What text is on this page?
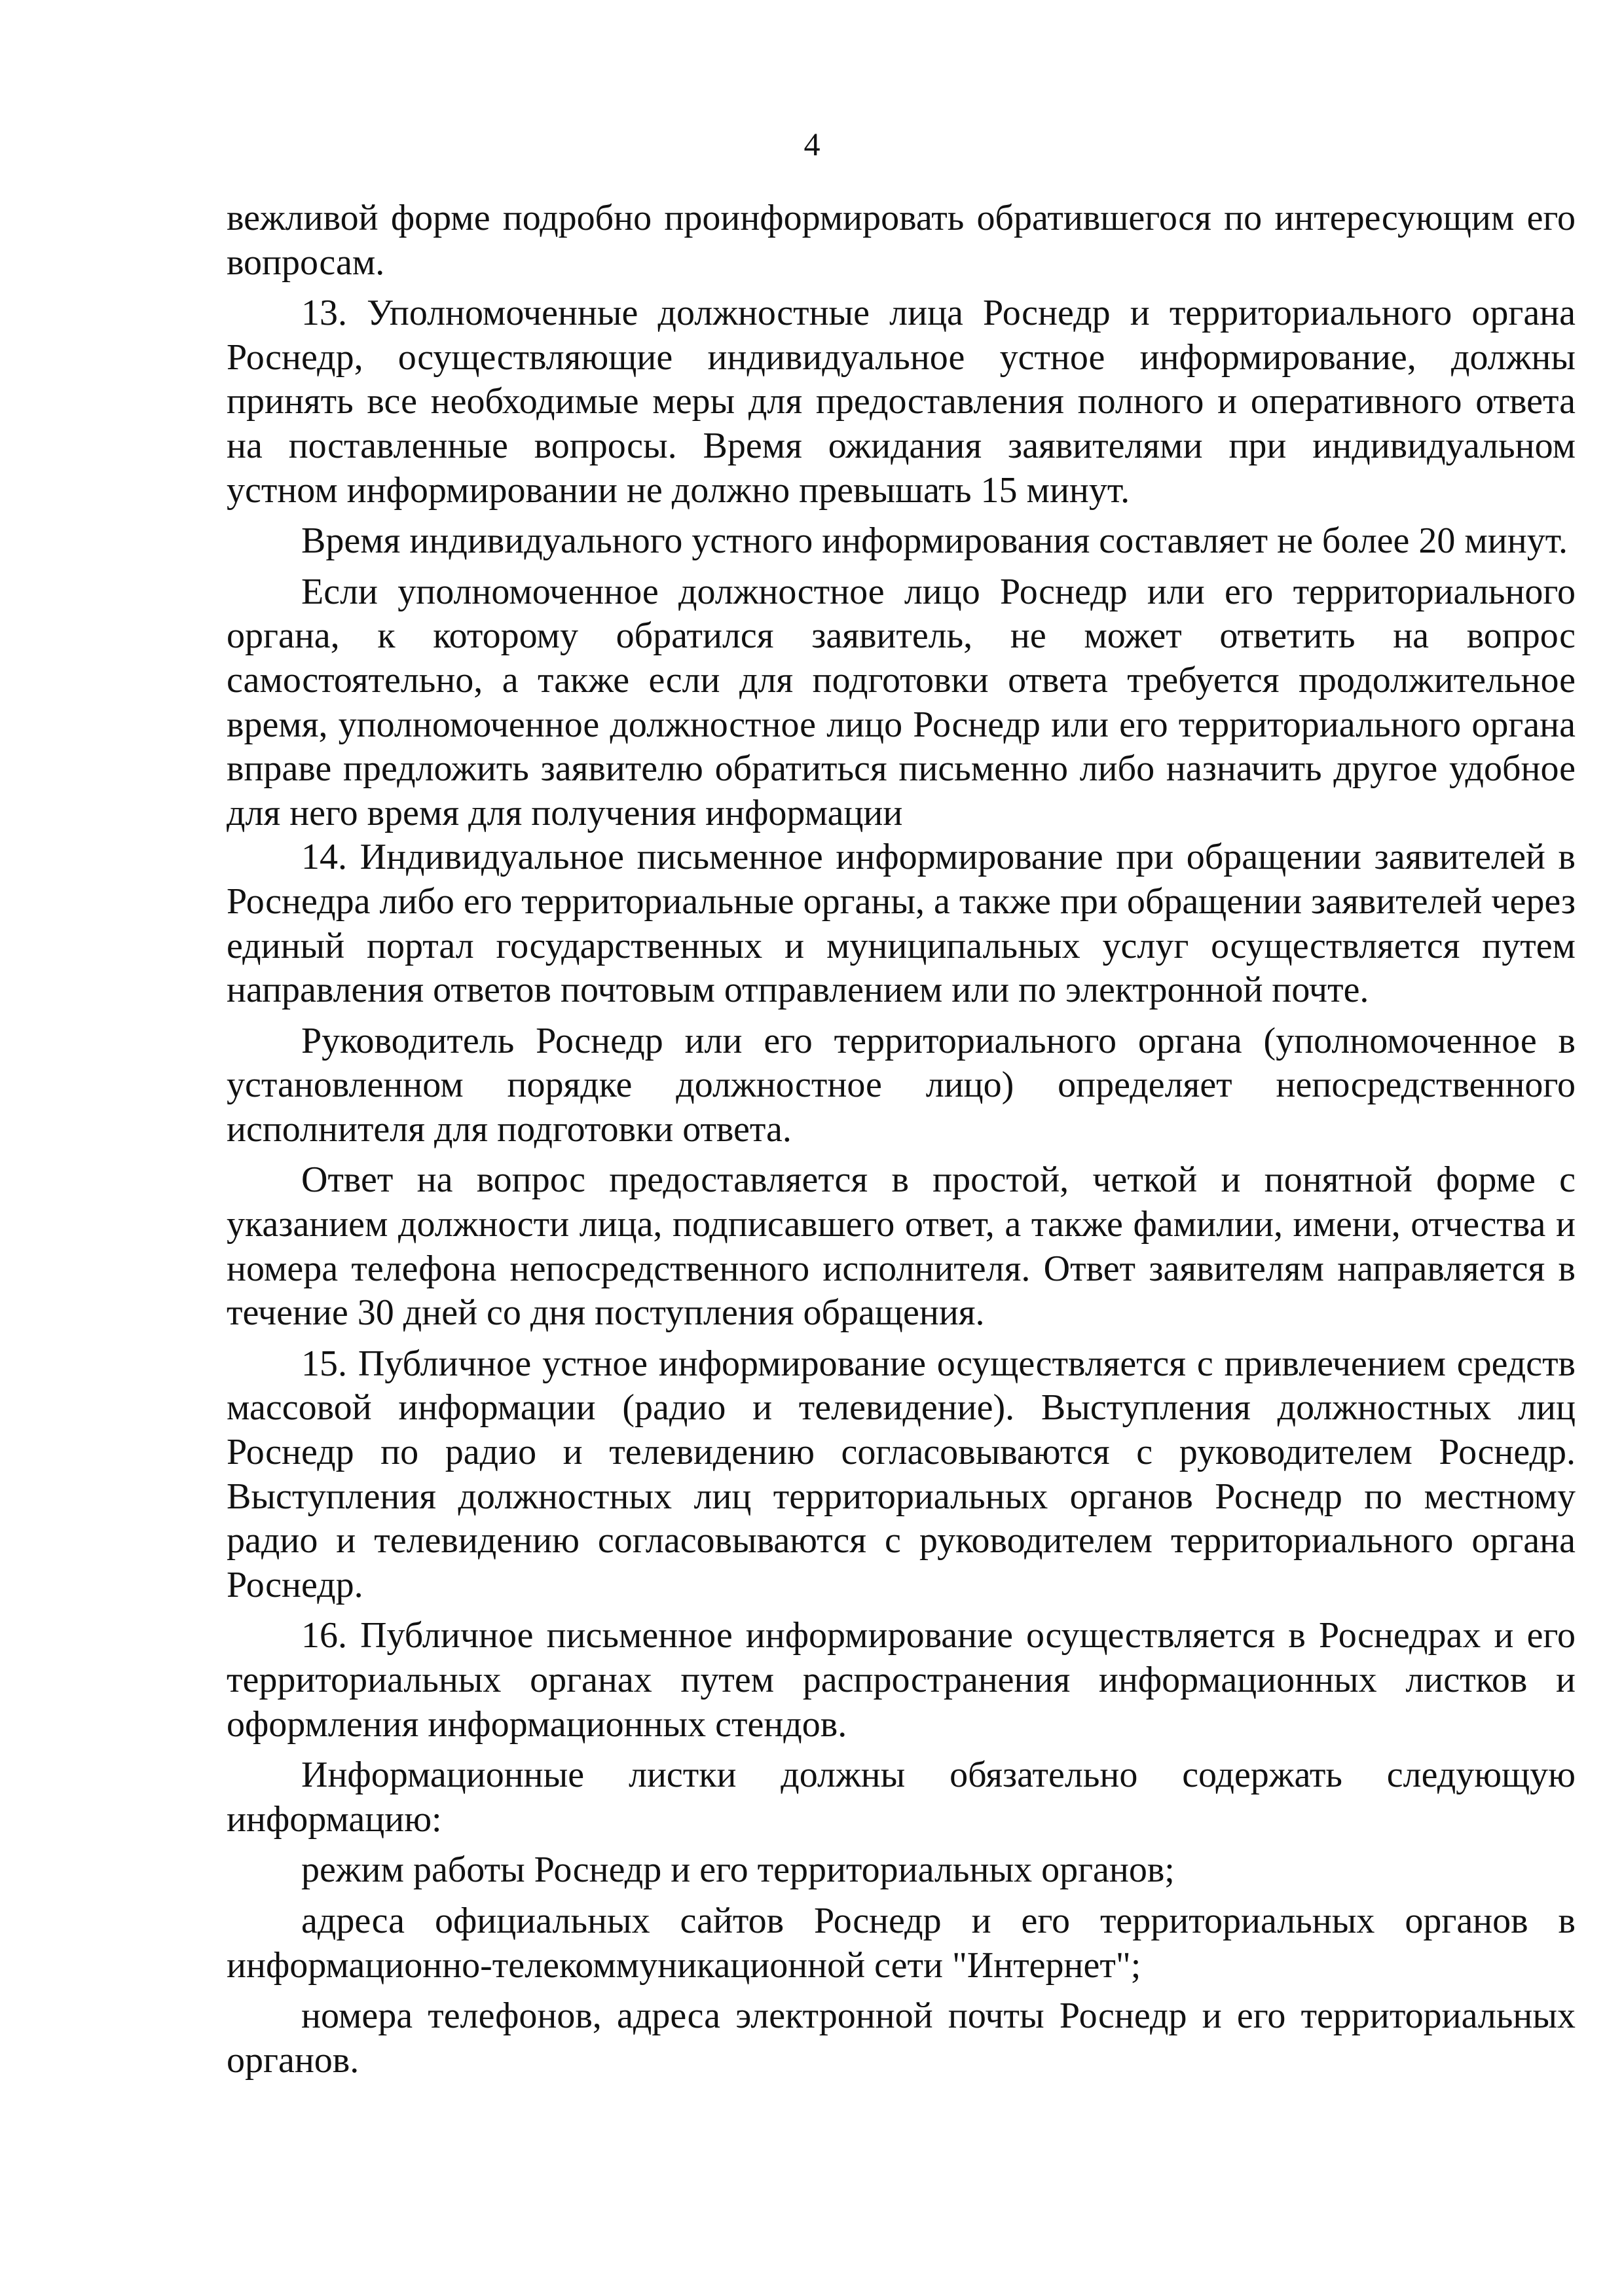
4

вежливой форме подробно проинформировать обратившегося по интересующим его вопросам.

13. Уполномоченные должностные лица Роснедр и территориального органа Роснедр, осуществляющие индивидуальное устное информирование, должны принять все необходимые меры для предоставления полного и оперативного ответа на поставленные вопросы. Время ожидания заявителями при индивидуальном устном информировании не должно превышать 15 минут.

Время индивидуального устного информирования составляет не более 20 минут.

Если уполномоченное должностное лицо Роснедр или его территориального органа, к которому обратился заявитель, не может ответить на вопрос самостоятельно, а также если для подготовки ответа требуется продолжительное время, уполномоченное должностное лицо Роснедр или его территориального органа вправе предложить заявителю обратиться письменно либо назначить другое удобное для него время для получения информации

14. Индивидуальное письменное информирование при обращении заявителей в Роснедра либо его территориальные органы, а также при обращении заявителей через единый портал государственных и муниципальных услуг осуществляется путем направления ответов почтовым отправлением или по электронной почте.

Руководитель Роснедр или его территориального органа (уполномоченное в установленном порядке должностное лицо) определяет непосредственного исполнителя для подготовки ответа.

Ответ на вопрос предоставляется в простой, четкой и понятной форме с указанием должности лица, подписавшего ответ, а также фамилии, имени, отчества и номера телефона непосредственного исполнителя. Ответ заявителям направляется в течение 30 дней со дня поступления обращения.

15. Публичное устное информирование осуществляется с привлечением средств массовой информации (радио и телевидение). Выступления должностных лиц Роснедр по радио и телевидению согласовываются с руководителем Роснедр. Выступления должностных лиц территориальных органов Роснедр по местному радио и телевидению согласовываются с руководителем территориального органа Роснедр.

16. Публичное письменное информирование осуществляется в Роснедрах и его территориальных органах путем распространения информационных листков и оформления информационных стендов.

Информационные листки должны обязательно содержать следующую информацию:

режим работы Роснедр и его территориальных органов;

адреса официальных сайтов Роснедр и его территориальных органов в информационно-телекоммуникационной сети "Интернет";

номера телефонов, адреса электронной почты Роснедр и его территориальных органов.
